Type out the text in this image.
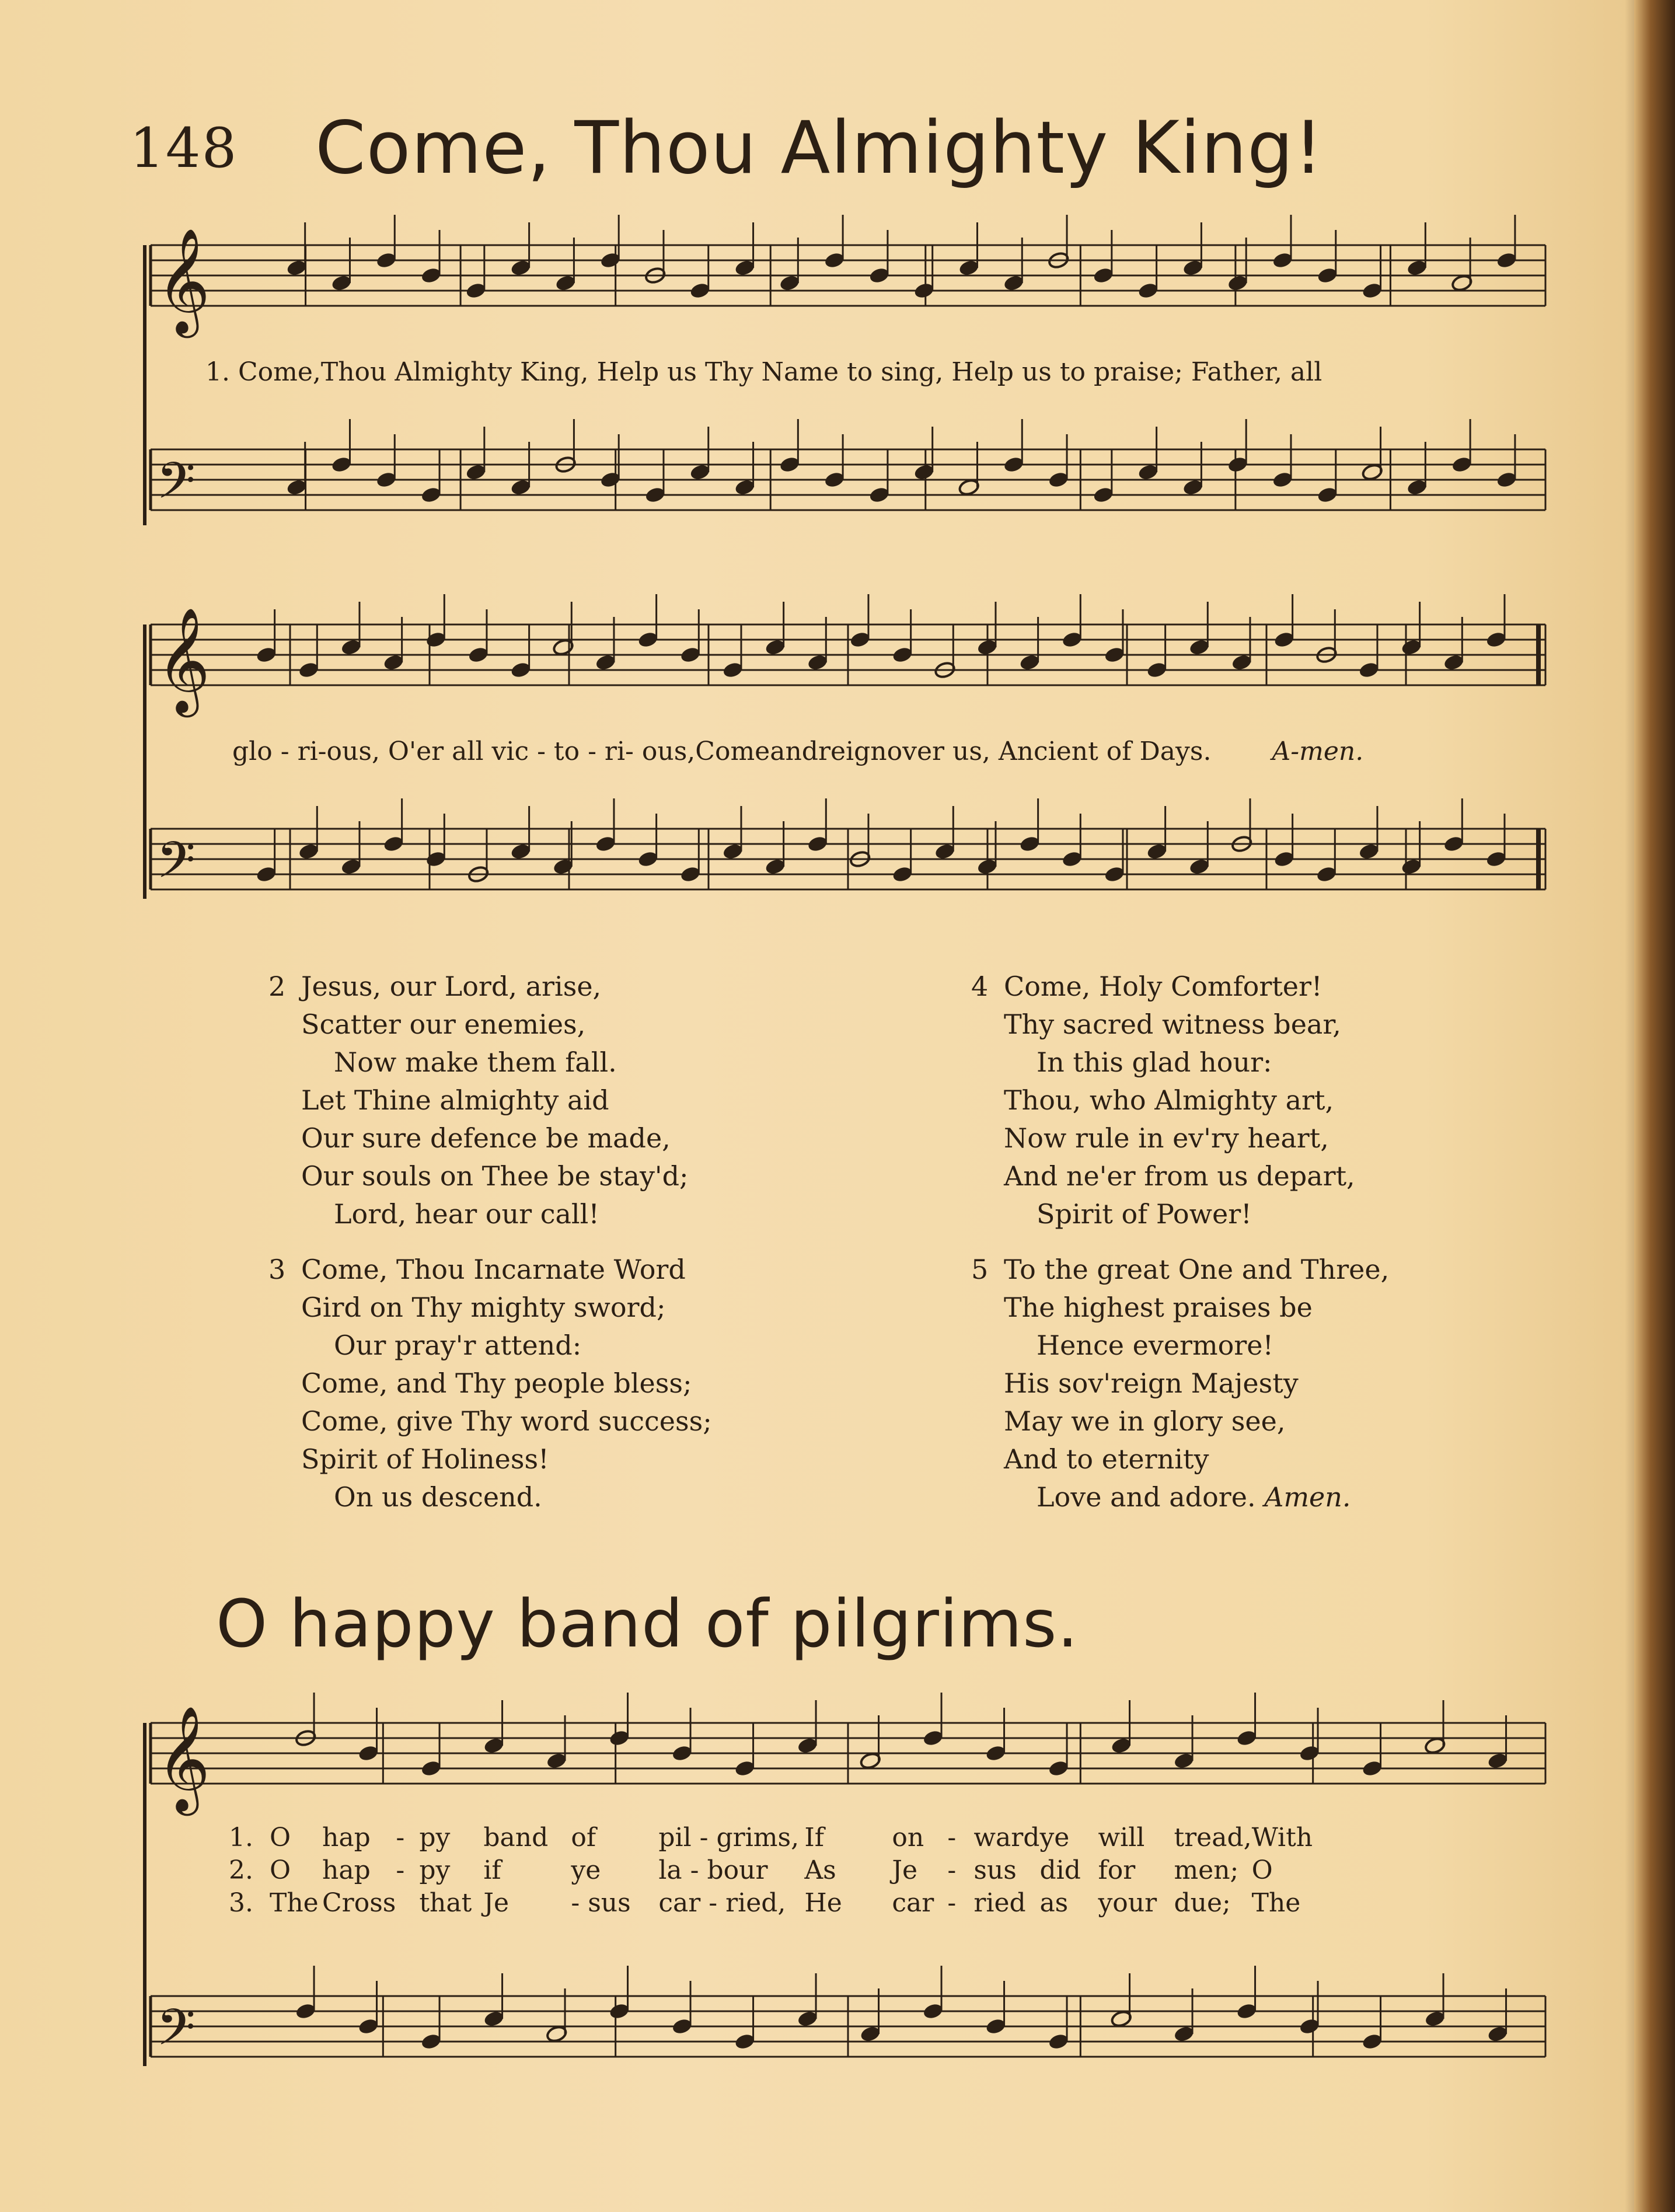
148 Come, Thou Almighty King!
𝄞
𝄢
𝄞
𝄢
𝄞
𝄢
1. Come,Thou Almighty King, Help us Thy Name to sing, Help us to praise; Father, all
glo - ri-ous, O'er all vic - to - ri- ous,Comeandreignover us, Ancient of Days. A-men.
2 Jesus, our Lord, arise,
Scatter our enemies,
Now make them fall.
Let Thine almighty aid
Our sure defence be made,
Our souls on Thee be stay'd;
Lord, hear our call!
3 Come, Thou Incarnate Word
Gird on Thy mighty sword;
Our pray'r attend:
Come, and Thy people bless;
Come, give Thy word success;
Spirit of Holiness!
On us descend.
4 Come, Holy Comforter!
Thy sacred witness bear,
In this glad hour:
Thou, who Almighty art,
Now rule in ev'ry heart,
And ne'er from us depart,
Spirit of Power!
5 To the great One and Three,
The highest praises be
Hence evermore!
His sov'reign Majesty
May we in glory see,
And to eternity
Love and adore. Amen.
O happy band of pilgrims.
1.	O	hap	-	py	band	of	pil - grims,	If	on	-	ward	ye	will	tread,	With
2.	O	hap	-	py	if	ye	la - bour	As	Je	-	sus	did	for	men;	O
3.	The	Cross		that	Je	- sus	car - ried,	He	car	-	ried	as	your	due;	The
